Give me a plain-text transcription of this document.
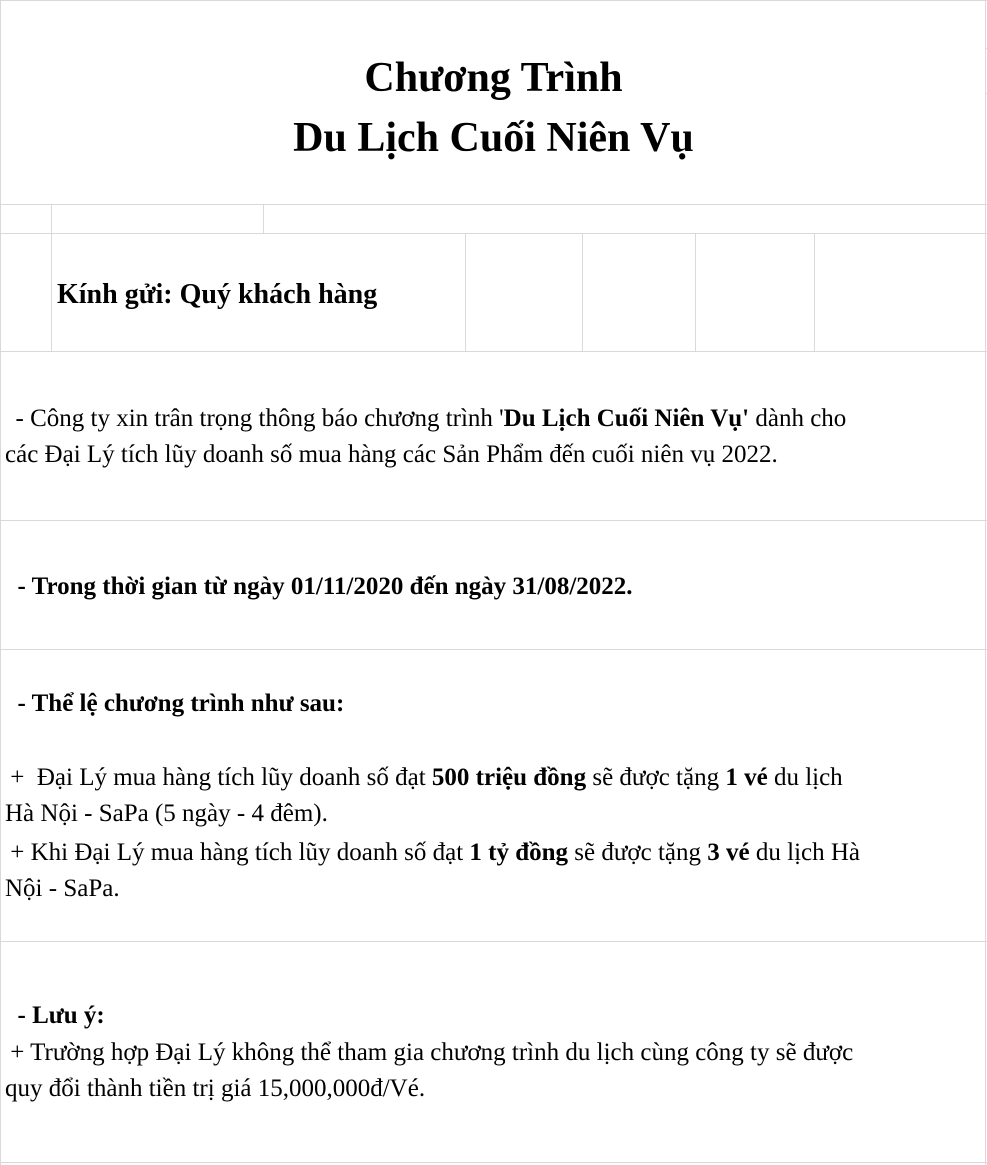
Chương Trình
Du Lịch Cuối Niên Vụ
Kính gửi: Quý khách hàng
- Công ty xin trân trọng thông báo chương trình 'Du Lịch Cuối Niên Vụ' dành cho
các Đại Lý tích lũy doanh số mua hàng các Sản Phẩm đến cuối niên vụ 2022.
- Trong thời gian từ ngày 01/11/2020 đến ngày 31/08/2022.
- Thể lệ chương trình như sau:
+  Đại Lý mua hàng tích lũy doanh số đạt 500 triệu đồng sẽ được tặng 1 vé du lịch
Hà Nội - SaPa (5 ngày - 4 đêm).
+ Khi Đại Lý mua hàng tích lũy doanh số đạt 1 tỷ đồng sẽ được tặng 3 vé du lịch Hà
Nội - SaPa.
- Lưu ý:
+ Trường hợp Đại Lý không thể tham gia chương trình du lịch cùng công ty sẽ được
quy đổi thành tiền trị giá 15,000,000đ/Vé.
